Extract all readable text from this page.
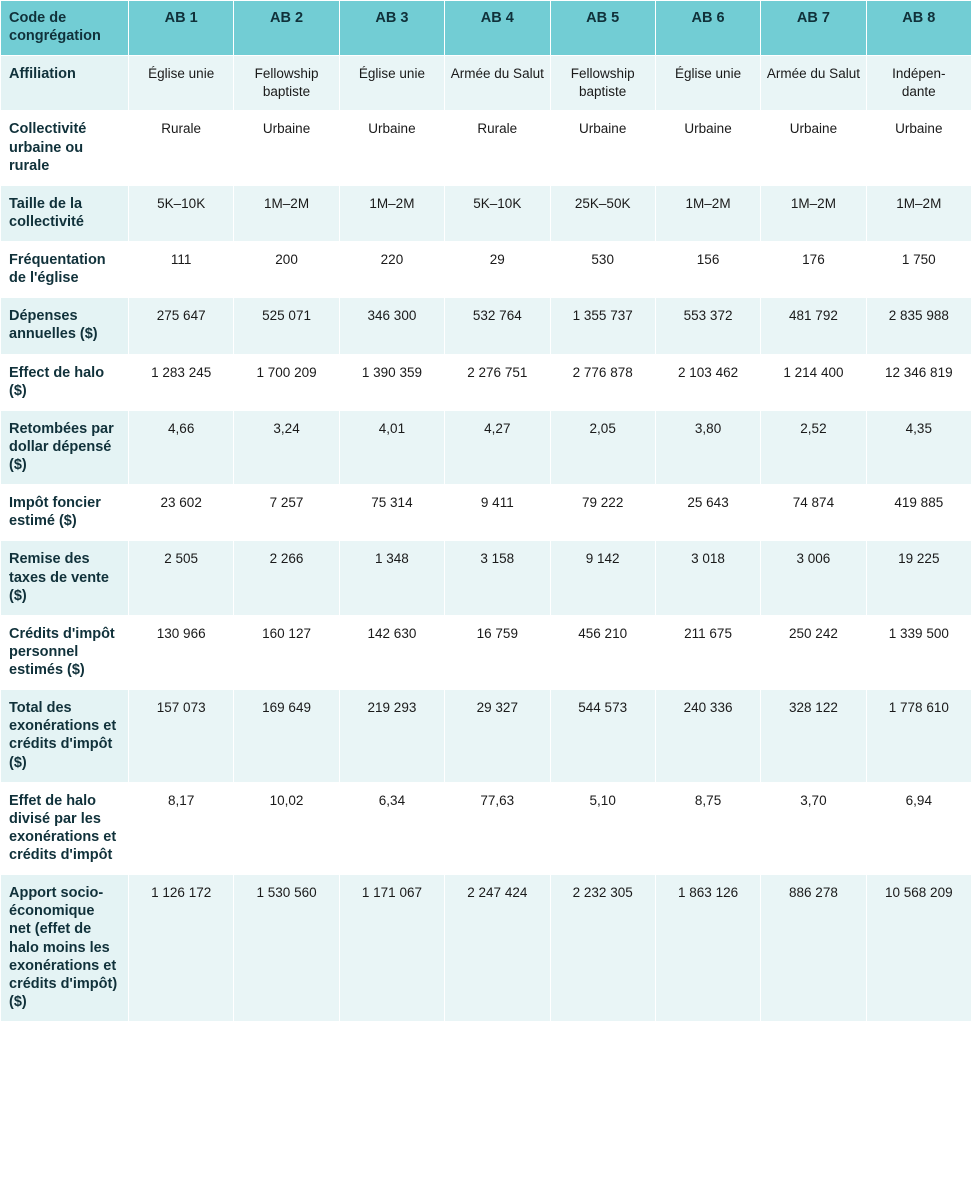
Code de congrégation	AB 1	AB 2	AB 3	AB 4	AB 5	AB 6	AB 7	AB 8
Affiliation	Église unie	Fellowship baptiste	Église unie	Armée du Salut	Fellowship baptiste	Église unie	Armée du Salut	Indépen-
dante
Collectivité urbaine ou rurale	Rurale	Urbaine	Urbaine	Rurale	Urbaine	Urbaine	Urbaine	Urbaine
Taille de la collectivité	5K–10K	1M–2M	1M–2M	5K–10K	25K–50K	1M–2M	1M–2M	1M–2M
Fréquentation de l'église	111	200	220	29	530	156	176	1 750
Dépenses annuelles ($)	275 647	525 071	346 300	532 764	1 355 737	553 372	481 792	2 835 988
Effect de halo ($)	1 283 245	1 700 209	1 390 359	2 276 751	2 776 878	2 103 462	1 214 400	12 346 819
Retombées par dollar dépensé ($)	4,66	3,24	4,01	4,27	2,05	3,80	2,52	4,35
Impôt foncier estimé ($)	23 602	7 257	75 314	9 411	79 222	25 643	74 874	419 885
Remise des taxes de vente ($)	2 505	2 266	1 348	3 158	9 142	3 018	3 006	19 225
Crédits d'impôt personnel estimés ($)	130 966	160 127	142 630	16 759	456 210	211 675	250 242	1 339 500
Total des exonérations et crédits d'impôt ($)	157 073	169 649	219 293	29 327	544 573	240 336	328 122	1 778 610
Effet de halo divisé par les exonérations et crédits d'impôt	8,17	10,02	6,34	77,63	5,10	8,75	3,70	6,94
Apport socio-économique net (effet de halo moins les exonérations et crédits d'impôt) ($)	1 126 172	1 530 560	1 171 067	2 247 424	2 232 305	1 863 126	886 278	10 568 209
